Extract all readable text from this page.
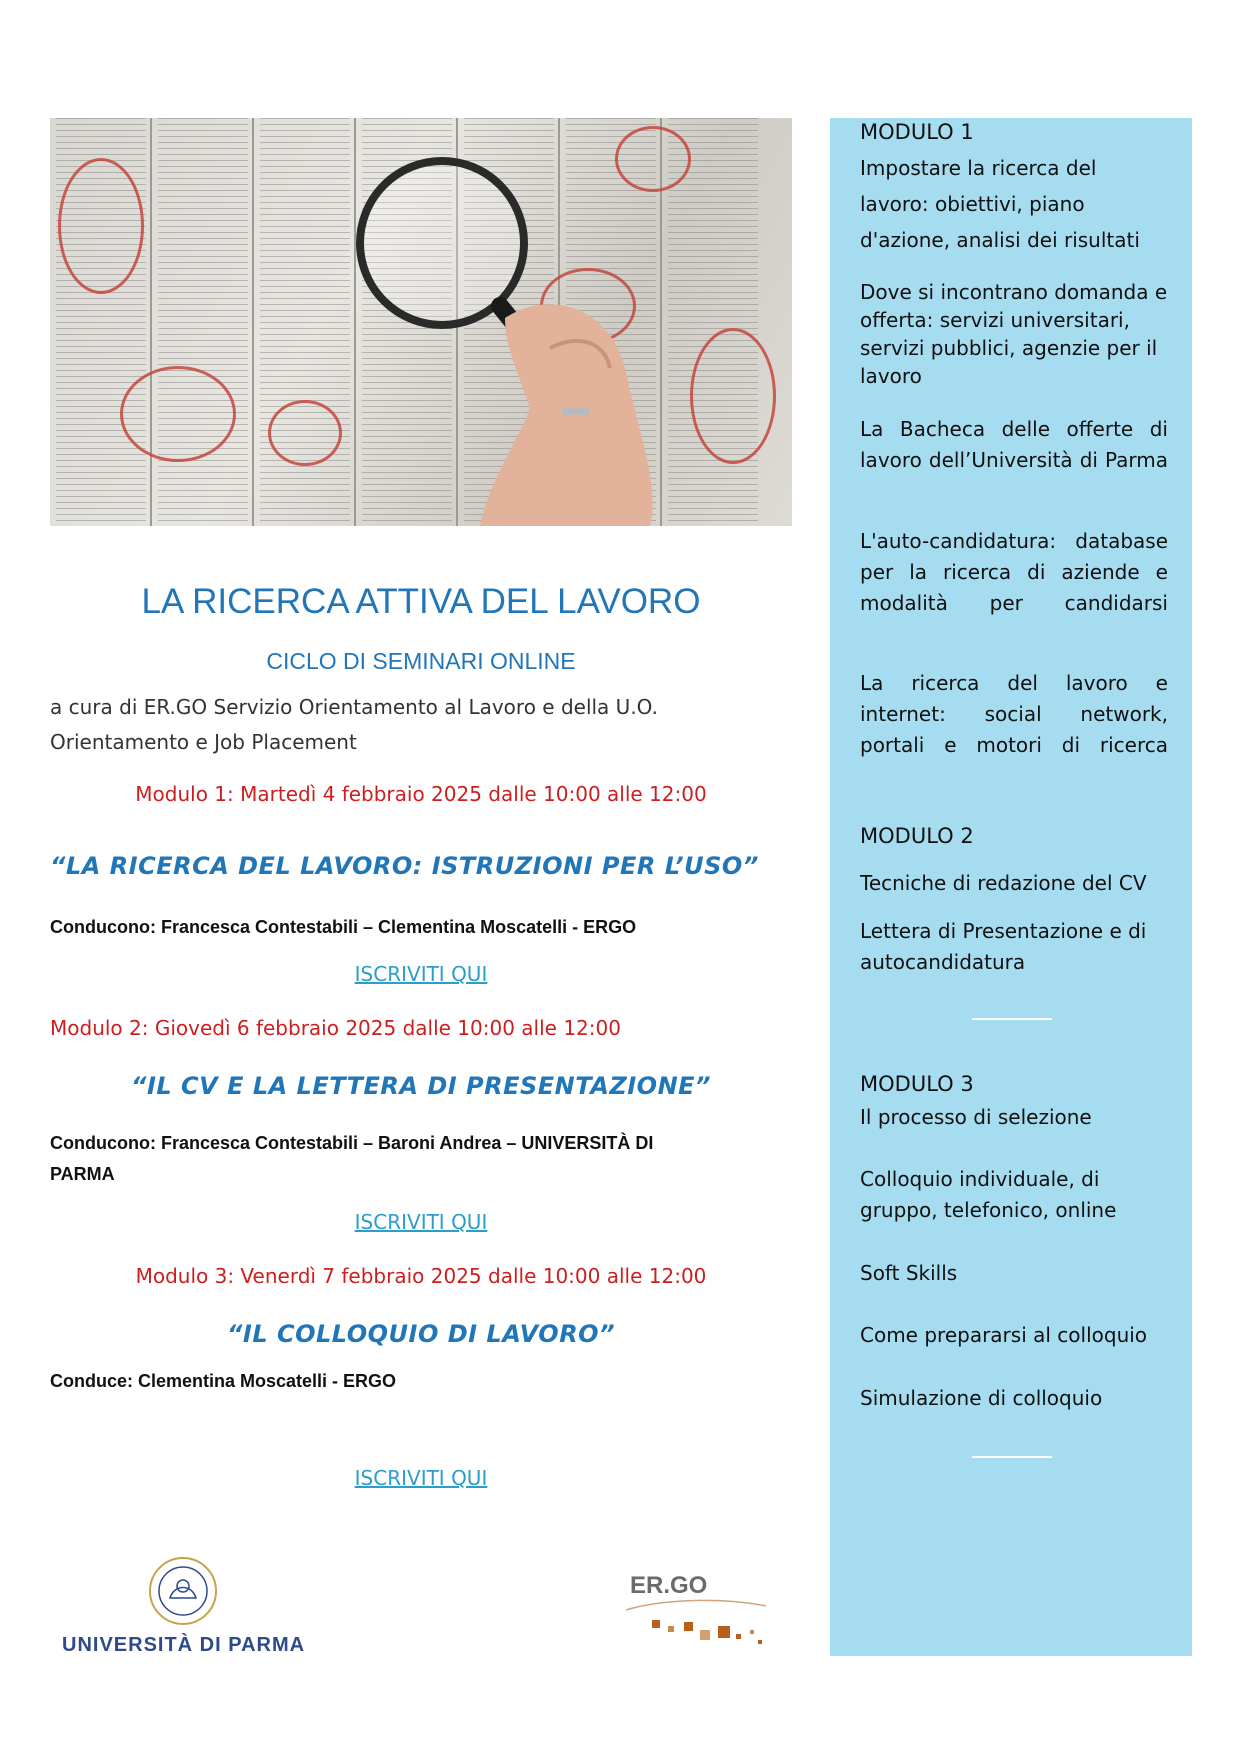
LA RICERCA ATTIVA DEL LAVORO
CICLO DI SEMINARI ONLINE
a cura di ER.GO Servizio Orientamento al Lavoro e della U.O.
Orientamento e Job Placement
Modulo 1: Martedì 4 febbraio 2025 dalle 10:00 alle 12:00
“LA RICERCA DEL LAVORO: ISTRUZIONI PER L’USO”
Conducono: Francesca Contestabili – Clementina Moscatelli - ERGO
ISCRIVITI QUI
Modulo 2: Giovedì 6 febbraio 2025 dalle 10:00 alle 12:00
“IL CV E LA LETTERA DI PRESENTAZIONE”
Conducono: Francesca Contestabili – Baroni Andrea – UNIVERSITÀ DI
PARMA
ISCRIVITI QUI
Modulo 3: Venerdì 7 febbraio 2025 dalle 10:00 alle 12:00
“IL COLLOQUIO DI LAVORO”
Conduce: Clementina Moscatelli - ERGO
ISCRIVITI QUI
UNIVERSITÀ DI PARMA
ER.GO
MODULO 1
Impostare la ricerca del lavoro: obiettivi, piano d'azione, analisi dei risultati
Dove si incontrano domanda e offerta: servizi universitari, servizi pubblici, agenzie per il lavoro
La Bacheca delle offerte di lavoro dell’Università di Parma
L'auto-candidatura: database per la ricerca di aziende e modalità per candidarsi
La ricerca del lavoro e internet: social network, portali e motori di ricerca
MODULO 2
Tecniche di redazione del CV
Lettera di Presentazione e di autocandidatura
MODULO 3
Il processo di selezione
Colloquio individuale, di gruppo, telefonico, online
Soft Skills
Come prepararsi al colloquio
Simulazione di colloquio
